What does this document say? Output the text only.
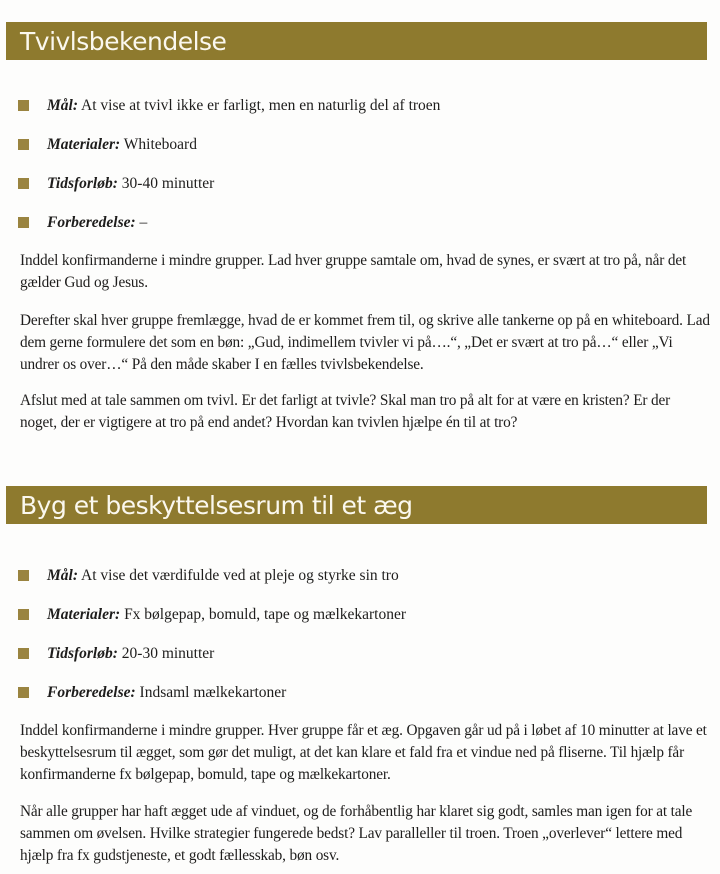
Tvivlsbekendelse
Mål: At vise at tvivl ikke er farligt, men en naturlig del af troen
Materialer: Whiteboard
Tidsforløb: 30-40 minutter
Forberedelse: –

Inddel konfirmanderne i mindre grupper. Lad hver gruppe samtale om, hvad de synes, er svært at tro på, når det gælder Gud og Jesus.

Derefter skal hver gruppe fremlægge, hvad de er kommet frem til, og skrive alle tankerne op på en whiteboard. Lad dem gerne formulere det som en bøn: „Gud, indimellem tvivler vi på….“, „Det er svært at tro på…“ eller „Vi undrer os over…“ På den måde skaber I en fælles tvivlsbekendelse.

Afslut med at tale sammen om tvivl. Er det farligt at tvivle? Skal man tro på alt for at være en kristen? Er der noget, der er vigtigere at tro på end andet? Hvordan kan tvivlen hjælpe én til at tro?

Byg et beskyttelsesrum til et æg
Mål: At vise det værdifulde ved at pleje og styrke sin tro
Materialer: Fx bølgepap, bomuld, tape og mælkekartoner
Tidsforløb: 20-30 minutter
Forberedelse: Indsaml mælkekartoner

Inddel konfirmanderne i mindre grupper. Hver gruppe får et æg. Opgaven går ud på i løbet af 10 minutter at lave et beskyttelsesrum til ægget, som gør det muligt, at det kan klare et fald fra et vindue ned på fliserne. Til hjælp får konfirmanderne fx bølgepap, bomuld, tape og mælkekartoner.

Når alle grupper har haft ægget ude af vinduet, og de forhåbentlig har klaret sig godt, samles man igen for at tale sammen om øvelsen. Hvilke strategier fungerede bedst? Lav paralleller til troen. Troen „overlever“ lettere med hjælp fra fx gudstjeneste, et godt fællesskab, bøn osv.
